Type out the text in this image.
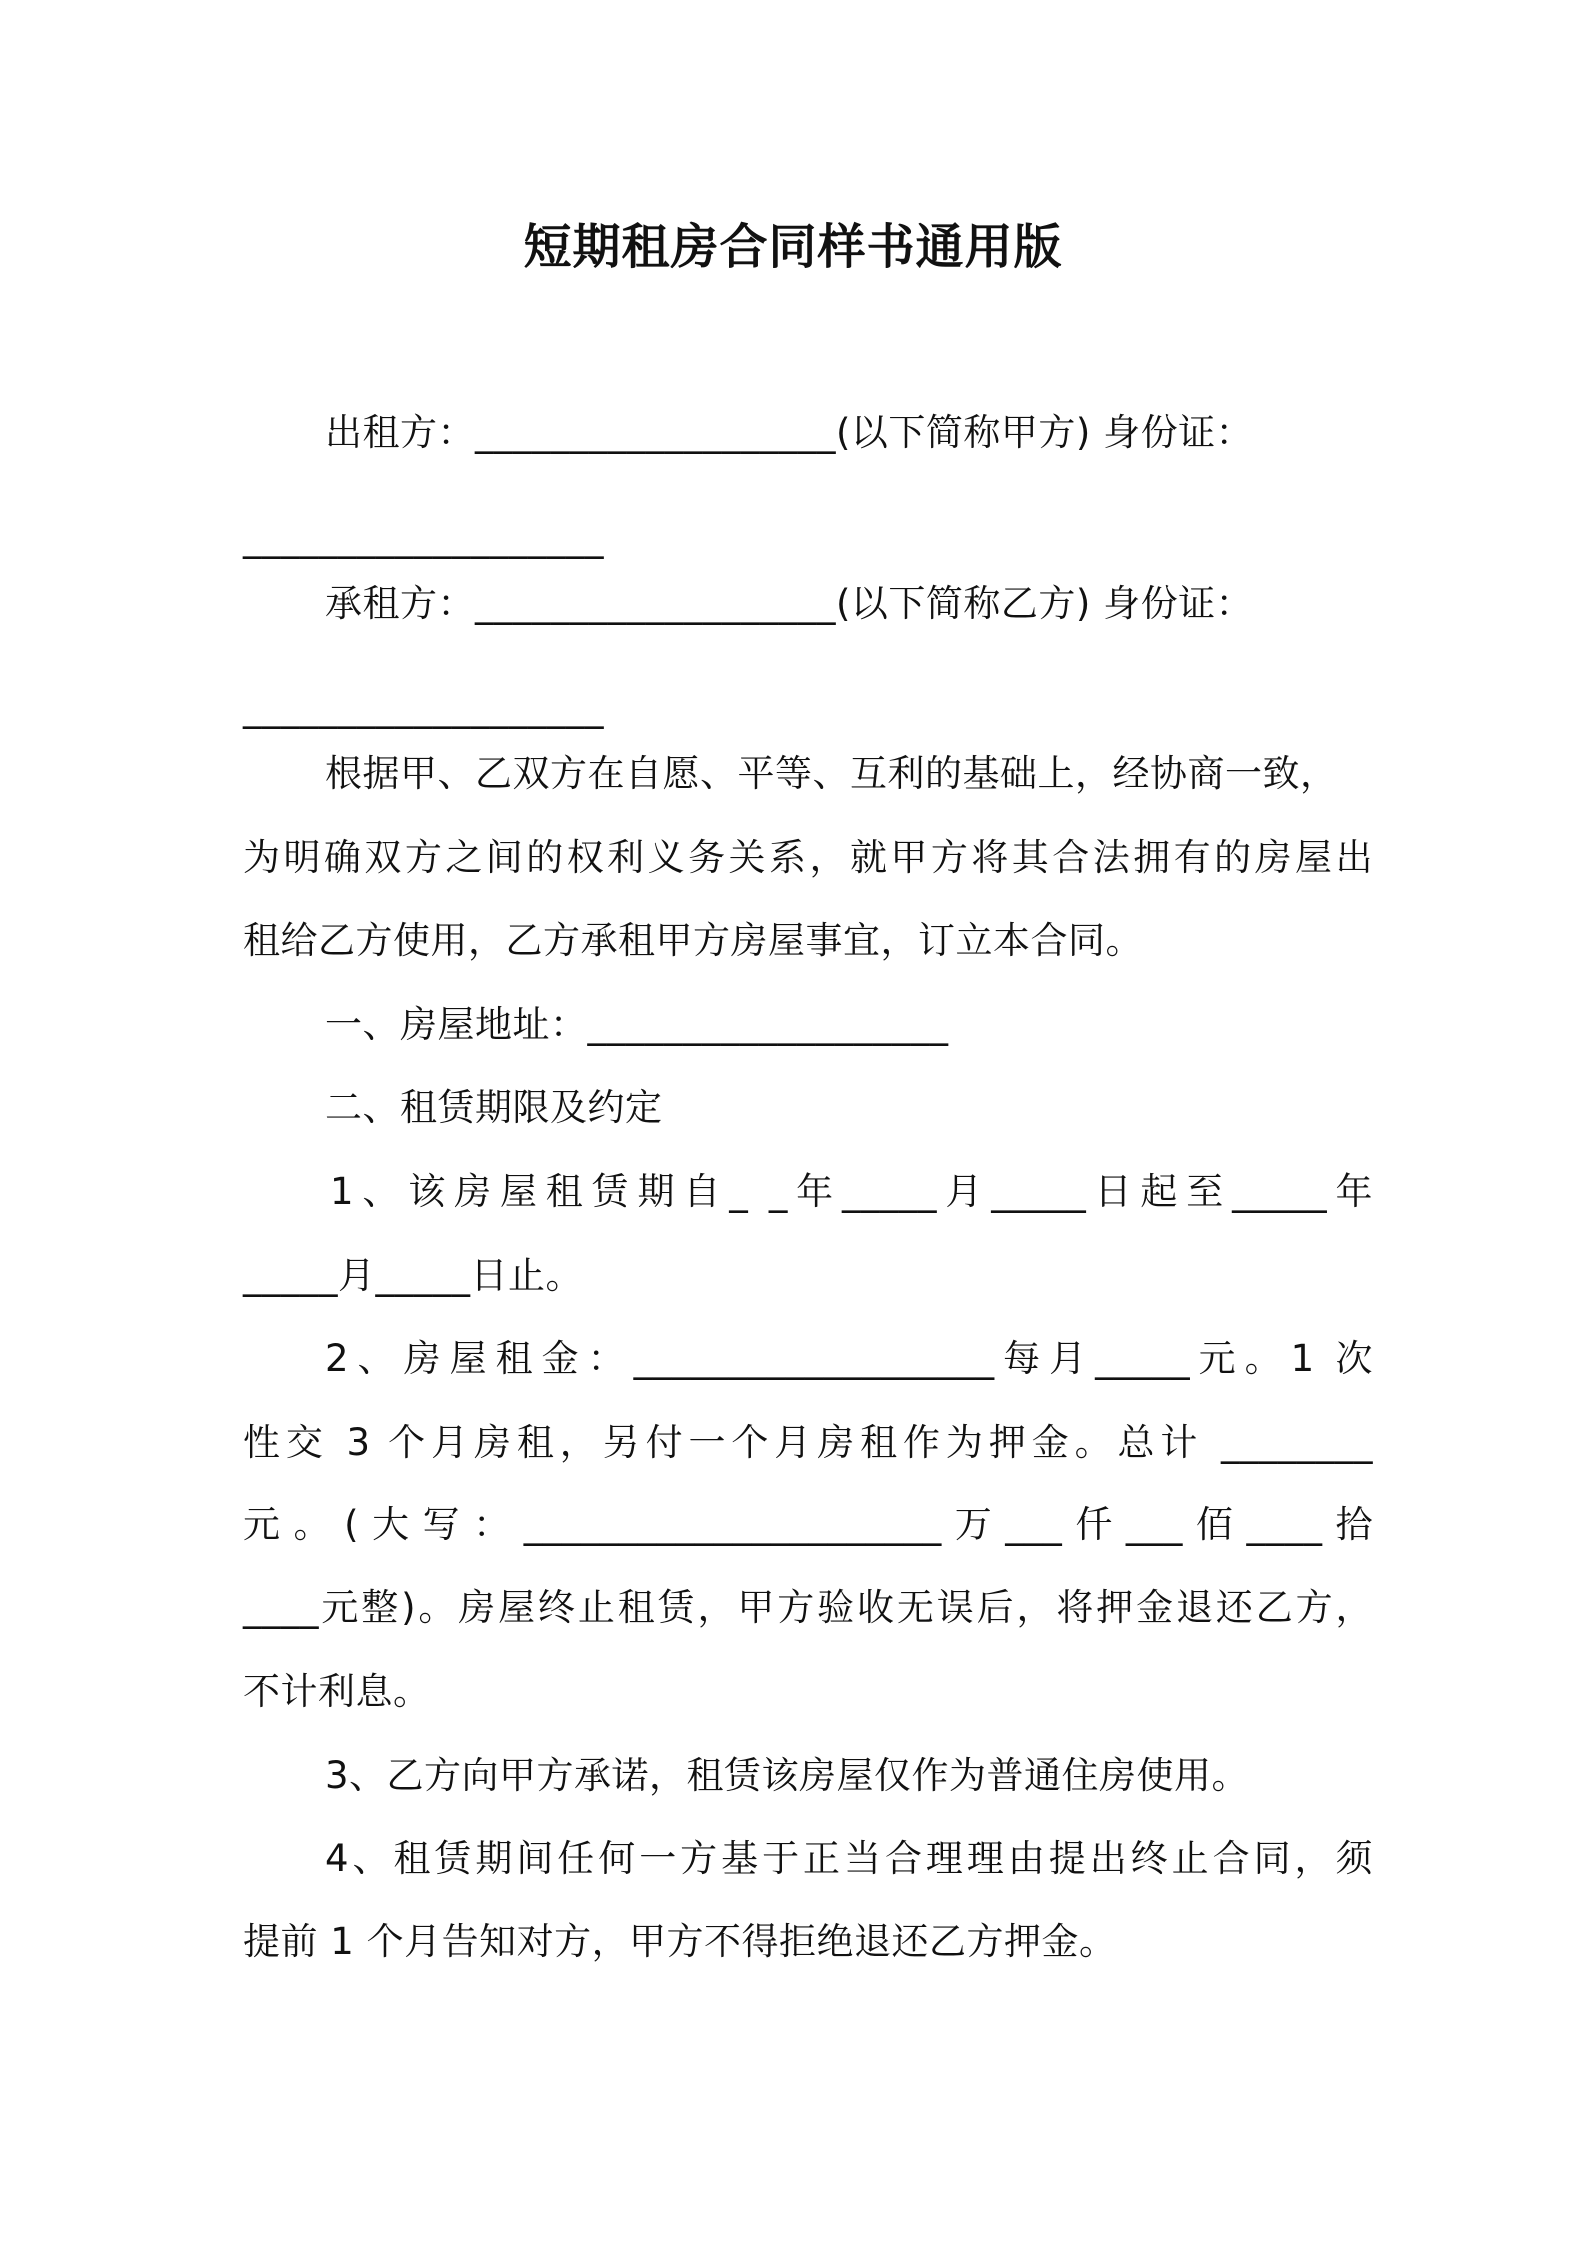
短期租房合同样书通用版
出租方：___________________(以下简称甲方) 身份证：
___________________
承租方：___________________(以下简称乙方) 身份证：
___________________
根据甲、乙双方在自愿、平等、互利的基础上，经协商一致，
为明确双方之间的权利义务关系，就甲方将其合法拥有的房屋出
租给乙方使用，乙方承租甲方房屋事宜，订立本合同。
一、房屋地址：___________________
二、租赁期限及约定
1、该房屋租赁期自_ _年_____月_____日起至_____年
_____月_____日止。
2、房屋租金：___________________每月_____元。1 次
性交 3 个月房租，另付一个月房租作为押金。总计 ________
元。(大写：______________________万___仟___佰____拾
____元整)。房屋终止租赁，甲方验收无误后，将押金退还乙方，
不计利息。
3、乙方向甲方承诺，租赁该房屋仅作为普通住房使用。
4、租赁期间任何一方基于正当合理理由提出终止合同，须
提前 1 个月告知对方，甲方不得拒绝退还乙方押金。
